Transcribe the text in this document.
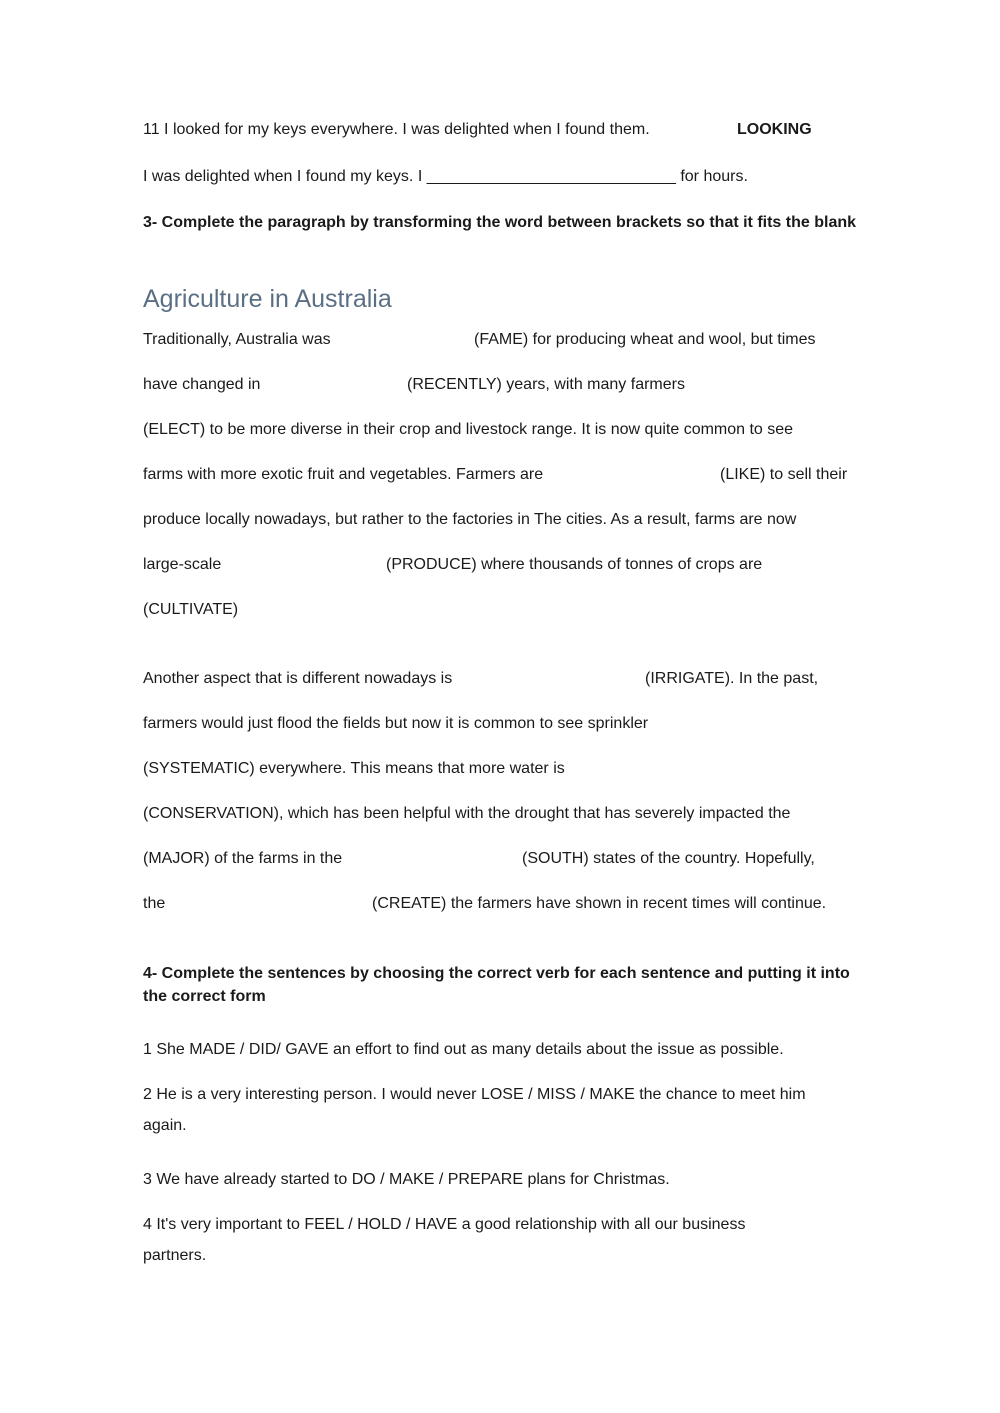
11 I looked for my keys everywhere. I was delighted when I found them.	LOOKING

I was delighted when I found my keys. I ____________________________ for hours.

3- Complete the paragraph by transforming the word between brackets so that it fits the blank

Agriculture in Australia
Traditionally, Australia was	(FAME) for producing wheat and wool, but times
have changed in	(RECENTLY) years, with many farmers
(ELECT) to be more diverse in their crop and livestock range. It is now quite common to see
farms with more exotic fruit and vegetables. Farmers are	(LIKE) to sell their
produce locally nowadays, but rather to the factories in The cities. As a result, farms are now
large-scale	(PRODUCE) where thousands of tonnes of crops are
(CULTIVATE)
Another aspect that is different nowadays is	(IRRIGATE). In the past,
farmers would just flood the fields but now it is common to see sprinkler
(SYSTEMATIC) everywhere. This means that more water is
(CONSERVATION), which has been helpful with the drought that has severely impacted the
(MAJOR) of the farms in the	(SOUTH) states of the country. Hopefully,
the	(CREATE) the farmers have shown in recent times will continue.

4- Complete the sentences by choosing the correct verb for each sentence and putting it into the correct form

1 She MADE / DID/ GAVE an effort to find out as many details about the issue as possible.

2 He is a very interesting person. I would never LOSE / MISS / MAKE the chance to meet him again.

3 We have already started to DO / MAKE / PREPARE plans for Christmas.

4 It's very important to FEEL / HOLD / HAVE a good relationship with all our business partners.
